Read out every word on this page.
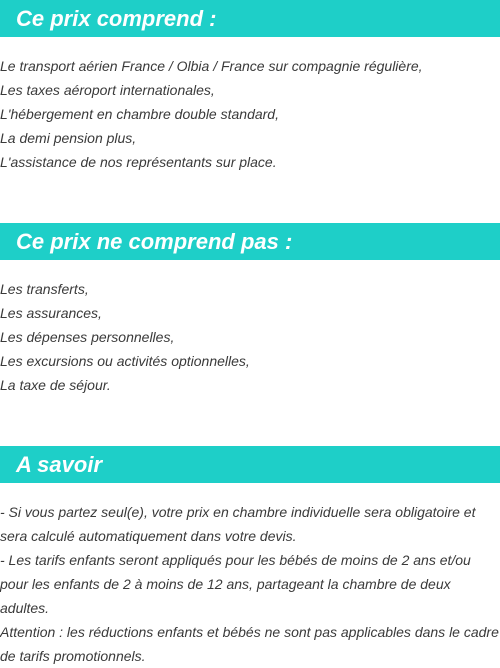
Ce prix comprend :
Le transport aérien France / Olbia / France sur compagnie régulière,
Les taxes aéroport internationales,
L'hébergement en chambre double standard,
La demi pension plus,
L'assistance de nos représentants sur place.
Ce prix ne comprend pas :
Les transferts,
Les assurances,
Les dépenses personnelles,
Les excursions ou activités optionnelles,
La taxe de séjour.
A savoir

- Si vous partez seul(e), votre prix en chambre individuelle sera obligatoire et sera calculé automatiquement dans votre devis.

- Les tarifs enfants seront appliqués pour les bébés de moins de 2 ans et/ou pour les enfants de 2 à moins de 12 ans, partageant la chambre de deux adultes.

Attention : les réductions enfants et bébés ne sont pas applicables dans le cadre de tarifs promotionnels.
